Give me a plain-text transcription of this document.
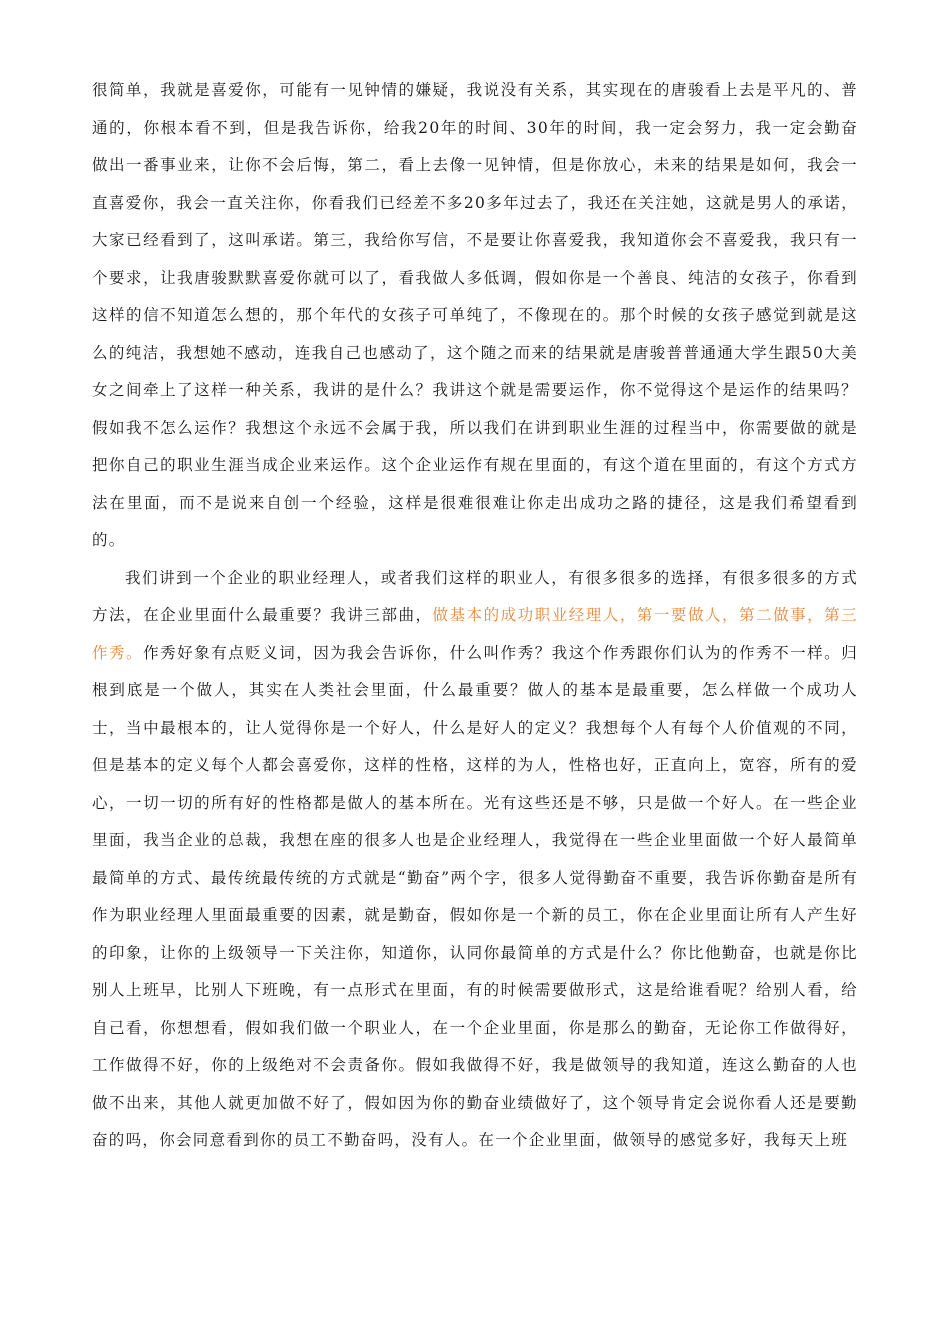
很简单，我就是喜爱你，可能有一见钟情的嫌疑，我说没有关系，其实现在的唐骏看上去是平凡的、普通的，你根本看不到，但是我告诉你，给我20年的时间、30年的时间，我一定会努力，我一定会勤奋做出一番事业来，让你不会后悔，第二，看上去像一见钟情，但是你放心，未来的结果是如何，我会一直喜爱你，我会一直关注你，你看我们已经差不多20多年过去了，我还在关注她，这就是男人的承诺，大家已经看到了，这叫承诺。第三，我给你写信，不是要让你喜爱我，我知道你会不喜爱我，我只有一个要求，让我唐骏默默喜爱你就可以了，看我做人多低调，假如你是一个善良、纯洁的女孩子，你看到这样的信不知道怎么想的，那个年代的女孩子可单纯了，不像现在的。那个时候的女孩子感觉到就是这么的纯洁，我想她不感动，连我自己也感动了，这个随之而来的结果就是唐骏普普通通大学生跟50大美女之间牵上了这样一种关系，我讲的是什么？我讲这个就是需要运作，你不觉得这个是运作的结果吗？假如我不怎么运作？我想这个永远不会属于我，所以我们在讲到职业生涯的过程当中，你需要做的就是把你自己的职业生涯当成企业来运作。这个企业运作有规在里面的，有这个道在里面的，有这个方式方法在里面，而不是说来自创一个经验，这样是很难很难让你走出成功之路的捷径，这是我们希望看到的。

我们讲到一个企业的职业经理人，或者我们这样的职业人，有很多很多的选择，有很多很多的方式方法，在企业里面什么最重要？我讲三部曲，做基本的成功职业经理人，第一要做人，第二做事，第三作秀。作秀好象有点贬义词，因为我会告诉你，什么叫作秀？我这个作秀跟你们认为的作秀不一样。归根到底是一个做人，其实在人类社会里面，什么最重要？做人的基本是最重要，怎么样做一个成功人士，当中最根本的，让人觉得你是一个好人，什么是好人的定义？我想每个人有每个人价值观的不同，但是基本的定义每个人都会喜爱你，这样的性格，这样的为人，性格也好，正直向上，宽容，所有的爱心，一切一切的所有好的性格都是做人的基本所在。光有这些还是不够，只是做一个好人。在一些企业里面，我当企业的总裁，我想在座的很多人也是企业经理人，我觉得在一些企业里面做一个好人最简单最简单的方式、最传统最传统的方式就是“勤奋”两个字，很多人觉得勤奋不重要，我告诉你勤奋是所有作为职业经理人里面最重要的因素，就是勤奋，假如你是一个新的员工，你在企业里面让所有人产生好的印象，让你的上级领导一下关注你，知道你，认同你最简单的方式是什么？你比他勤奋，也就是你比别人上班早，比别人下班晚，有一点形式在里面，有的时候需要做形式，这是给谁看呢？给别人看，给自己看，你想想看，假如我们做一个职业人，在一个企业里面，你是那么的勤奋，无论你工作做得好，工作做得不好，你的上级绝对不会责备你。假如我做得不好，我是做领导的我知道，连这么勤奋的人也做不出来，其他人就更加做不好了，假如因为你的勤奋业绩做好了，这个领导肯定会说你看人还是要勤奋的吗，你会同意看到你的员工不勤奋吗，没有人。在一个企业里面，做领导的感觉多好，我每天上班
